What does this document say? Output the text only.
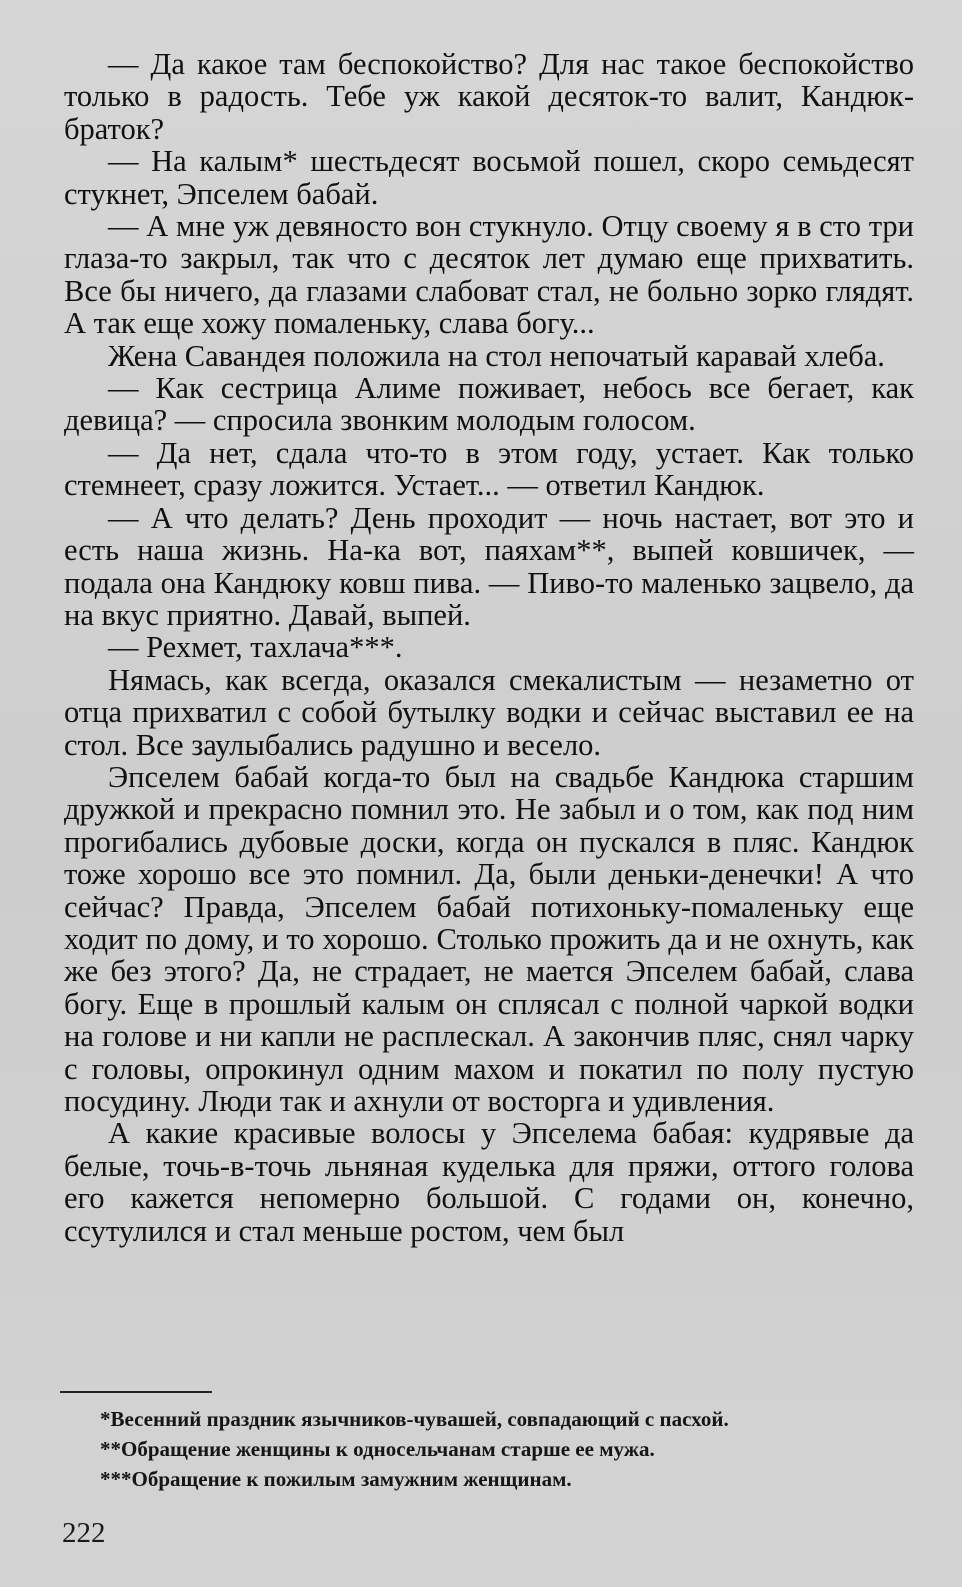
— Да какое там беспокойство? Для нас такое беспокойство только в радость. Тебе уж какой десяток-то валит, Кандюк-браток?

— На калым* шестьдесят восьмой пошел, скоро семьдесят стукнет, Эпселем бабай.

— А мне уж девяносто вон стукнуло. Отцу своему я в сто три глаза-то закрыл, так что с десяток лет думаю еще прихватить. Все бы ничего, да глазами слабоват стал, не больно зорко глядят. А так еще хожу помаленьку, слава богу...

Жена Савандея положила на стол непочатый каравай хлеба.

— Как сестрица Алиме поживает, небось все бегает, как девица? — спросила звонким молодым голосом.

— Да нет, сдала что-то в этом году, устает. Как только стемнеет, сразу ложится. Устает... — ответил Кандюк.

— А что делать? День проходит — ночь настает, вот это и есть наша жизнь. На-ка вот, паяхам**, выпей ковшичек, — подала она Кандюку ковш пива. — Пиво-то маленько зацвело, да на вкус приятно. Давай, выпей.

— Рехмет, тахлача***.

Нямась, как всегда, оказался смекалистым — незаметно от отца прихватил с собой бутылку водки и сейчас выставил ее на стол. Все заулыбались радушно и весело.

Эпселем бабай когда-то был на свадьбе Кандюка старшим дружкой и прекрасно помнил это. Не забыл и о том, как под ним прогибались дубовые доски, когда он пускался в пляс. Кандюк тоже хорошо все это помнил. Да, были деньки-денечки! А что сейчас? Правда, Эпселем бабай потихоньку-помаленьку еще ходит по дому, и то хорошо. Столько прожить да и не охнуть, как же без этого? Да, не страдает, не мается Эпселем бабай, слава богу. Еще в прошлый калым он сплясал с полной чаркой водки на голове и ни капли не расплескал. А закончив пляс, снял чарку с головы, опрокинул одним махом и покатил по полу пустую посудину. Люди так и ахнули от восторга и удивления.

А какие красивые волосы у Эпселема бабая: кудрявые да белые, точь-в-точь льняная куделька для пряжи, оттого голова его кажется непомерно большой. С годами он, конечно, ссутулился и стал меньше ростом, чем был

*Весенний праздник язычников-чувашей, совпадающий с пасхой.

**Обращение женщины к односельчанам старше ее мужа.

***Обращение к пожилым замужним женщинам.

222
